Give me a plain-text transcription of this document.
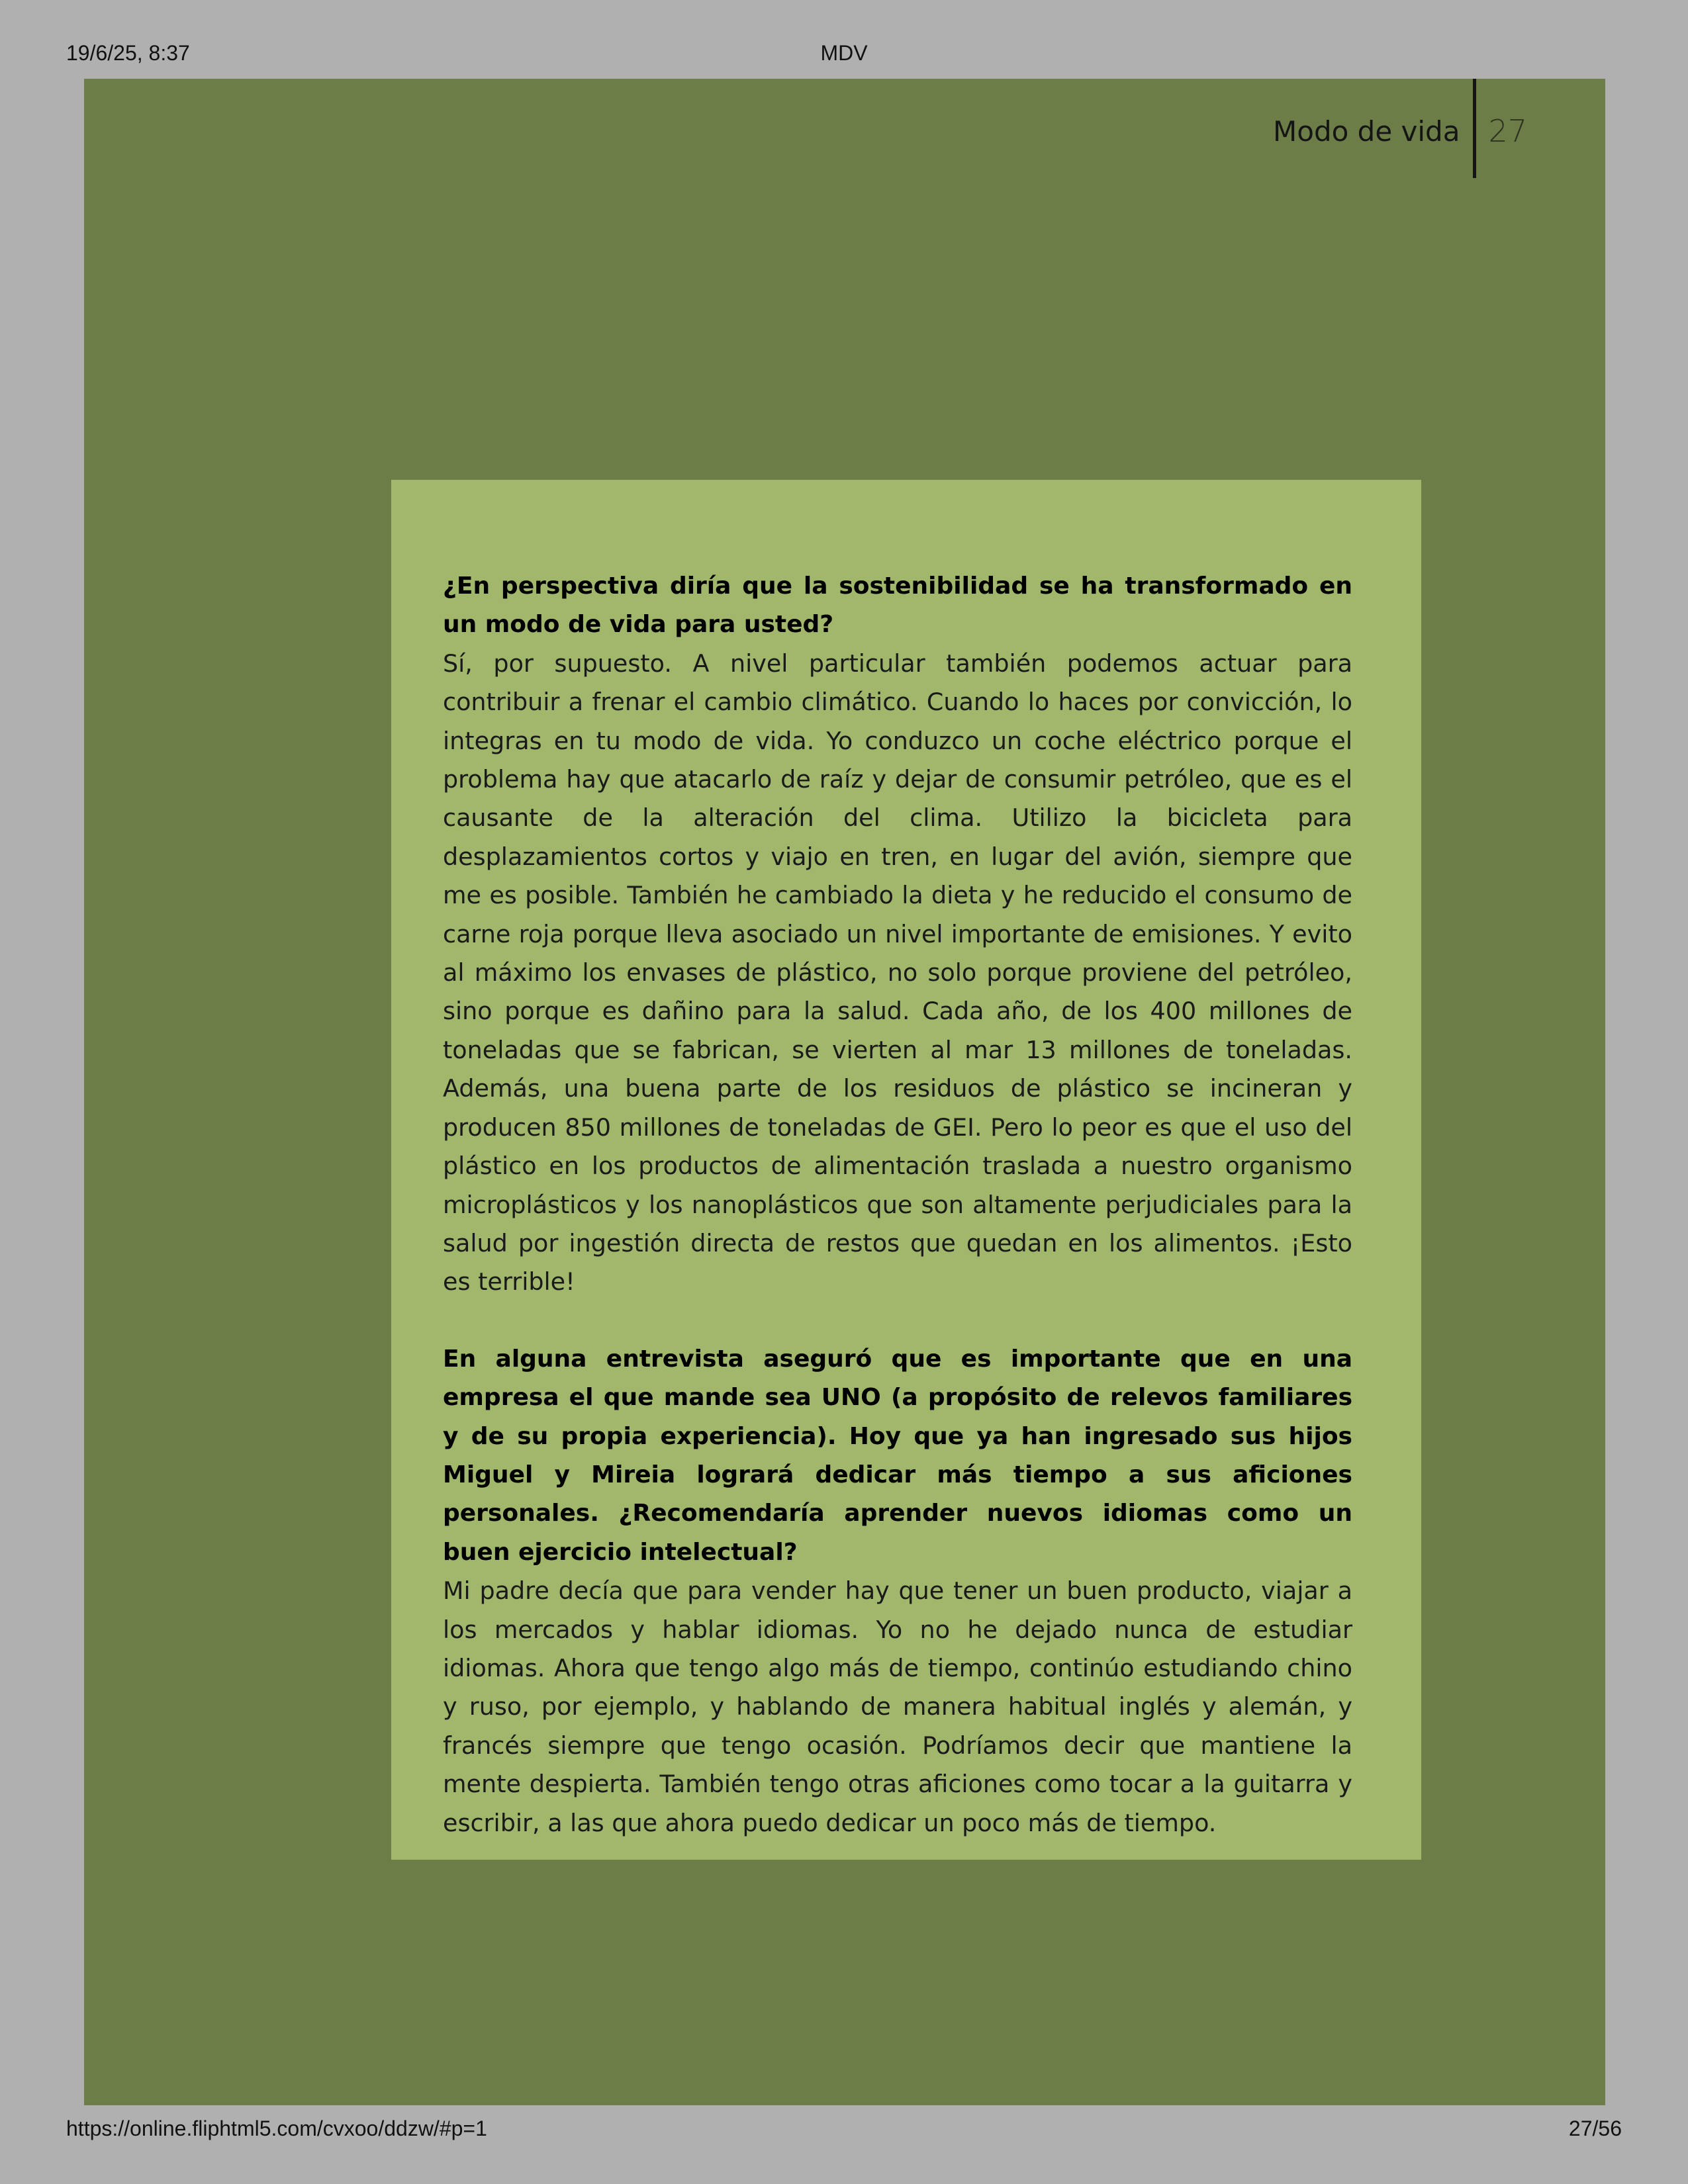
19/6/25, 8:37	MDV
Modo de vida 27

¿En perspectiva diría que la sostenibilidad se ha transformado en un modo de vida para usted?

Sí, por supuesto. A nivel particular también podemos actuar para contribuir a frenar el cambio climático. Cuando lo haces por convicción, lo integras en tu modo de vida. Yo conduzco un coche eléctrico porque el problema hay que atacarlo de raíz y dejar de consumir petróleo, que es el causante de la alteración del clima. Utilizo la bicicleta para desplazamientos cortos y viajo en tren, en lugar del avión, siempre que me es posible. También he cambiado la dieta y he reducido el consumo de carne roja porque lleva asociado un nivel importante de emisiones. Y evito al máximo los envases de plástico, no solo porque proviene del petróleo, sino porque es dañino para la salud. Cada año, de los 400 millones de toneladas que se fabrican, se vierten al mar 13 millones de toneladas. Además, una buena parte de los residuos de plástico se incineran y producen 850 millones de toneladas de GEI. Pero lo peor es que el uso del plástico en los productos de alimentación traslada a nuestro organismo microplásticos y los nanoplásticos que son altamente perjudiciales para la salud por ingestión directa de restos que quedan en los alimentos. ¡Esto es terrible!

En alguna entrevista aseguró que es importante que en una empresa el que mande sea UNO (a propósito de relevos familiares y de su propia experiencia). Hoy que ya han ingresado sus hijos Miguel y Mireia logrará dedicar más tiempo a sus aficiones personales. ¿Recomendaría aprender nuevos idiomas como un buen ejercicio intelectual?

Mi padre decía que para vender hay que tener un buen producto, viajar a los mercados y hablar idiomas. Yo no he dejado nunca de estudiar idiomas. Ahora que tengo algo más de tiempo, continúo estudiando chino y ruso, por ejemplo, y hablando de manera habitual inglés y alemán, y francés siempre que tengo ocasión. Podríamos decir que mantiene la mente despierta. También tengo otras aficiones como tocar a la guitarra y escribir, a las que ahora puedo dedicar un poco más de tiempo.

https://online.fliphtml5.com/cvxoo/ddzw/#p=1	27/56
